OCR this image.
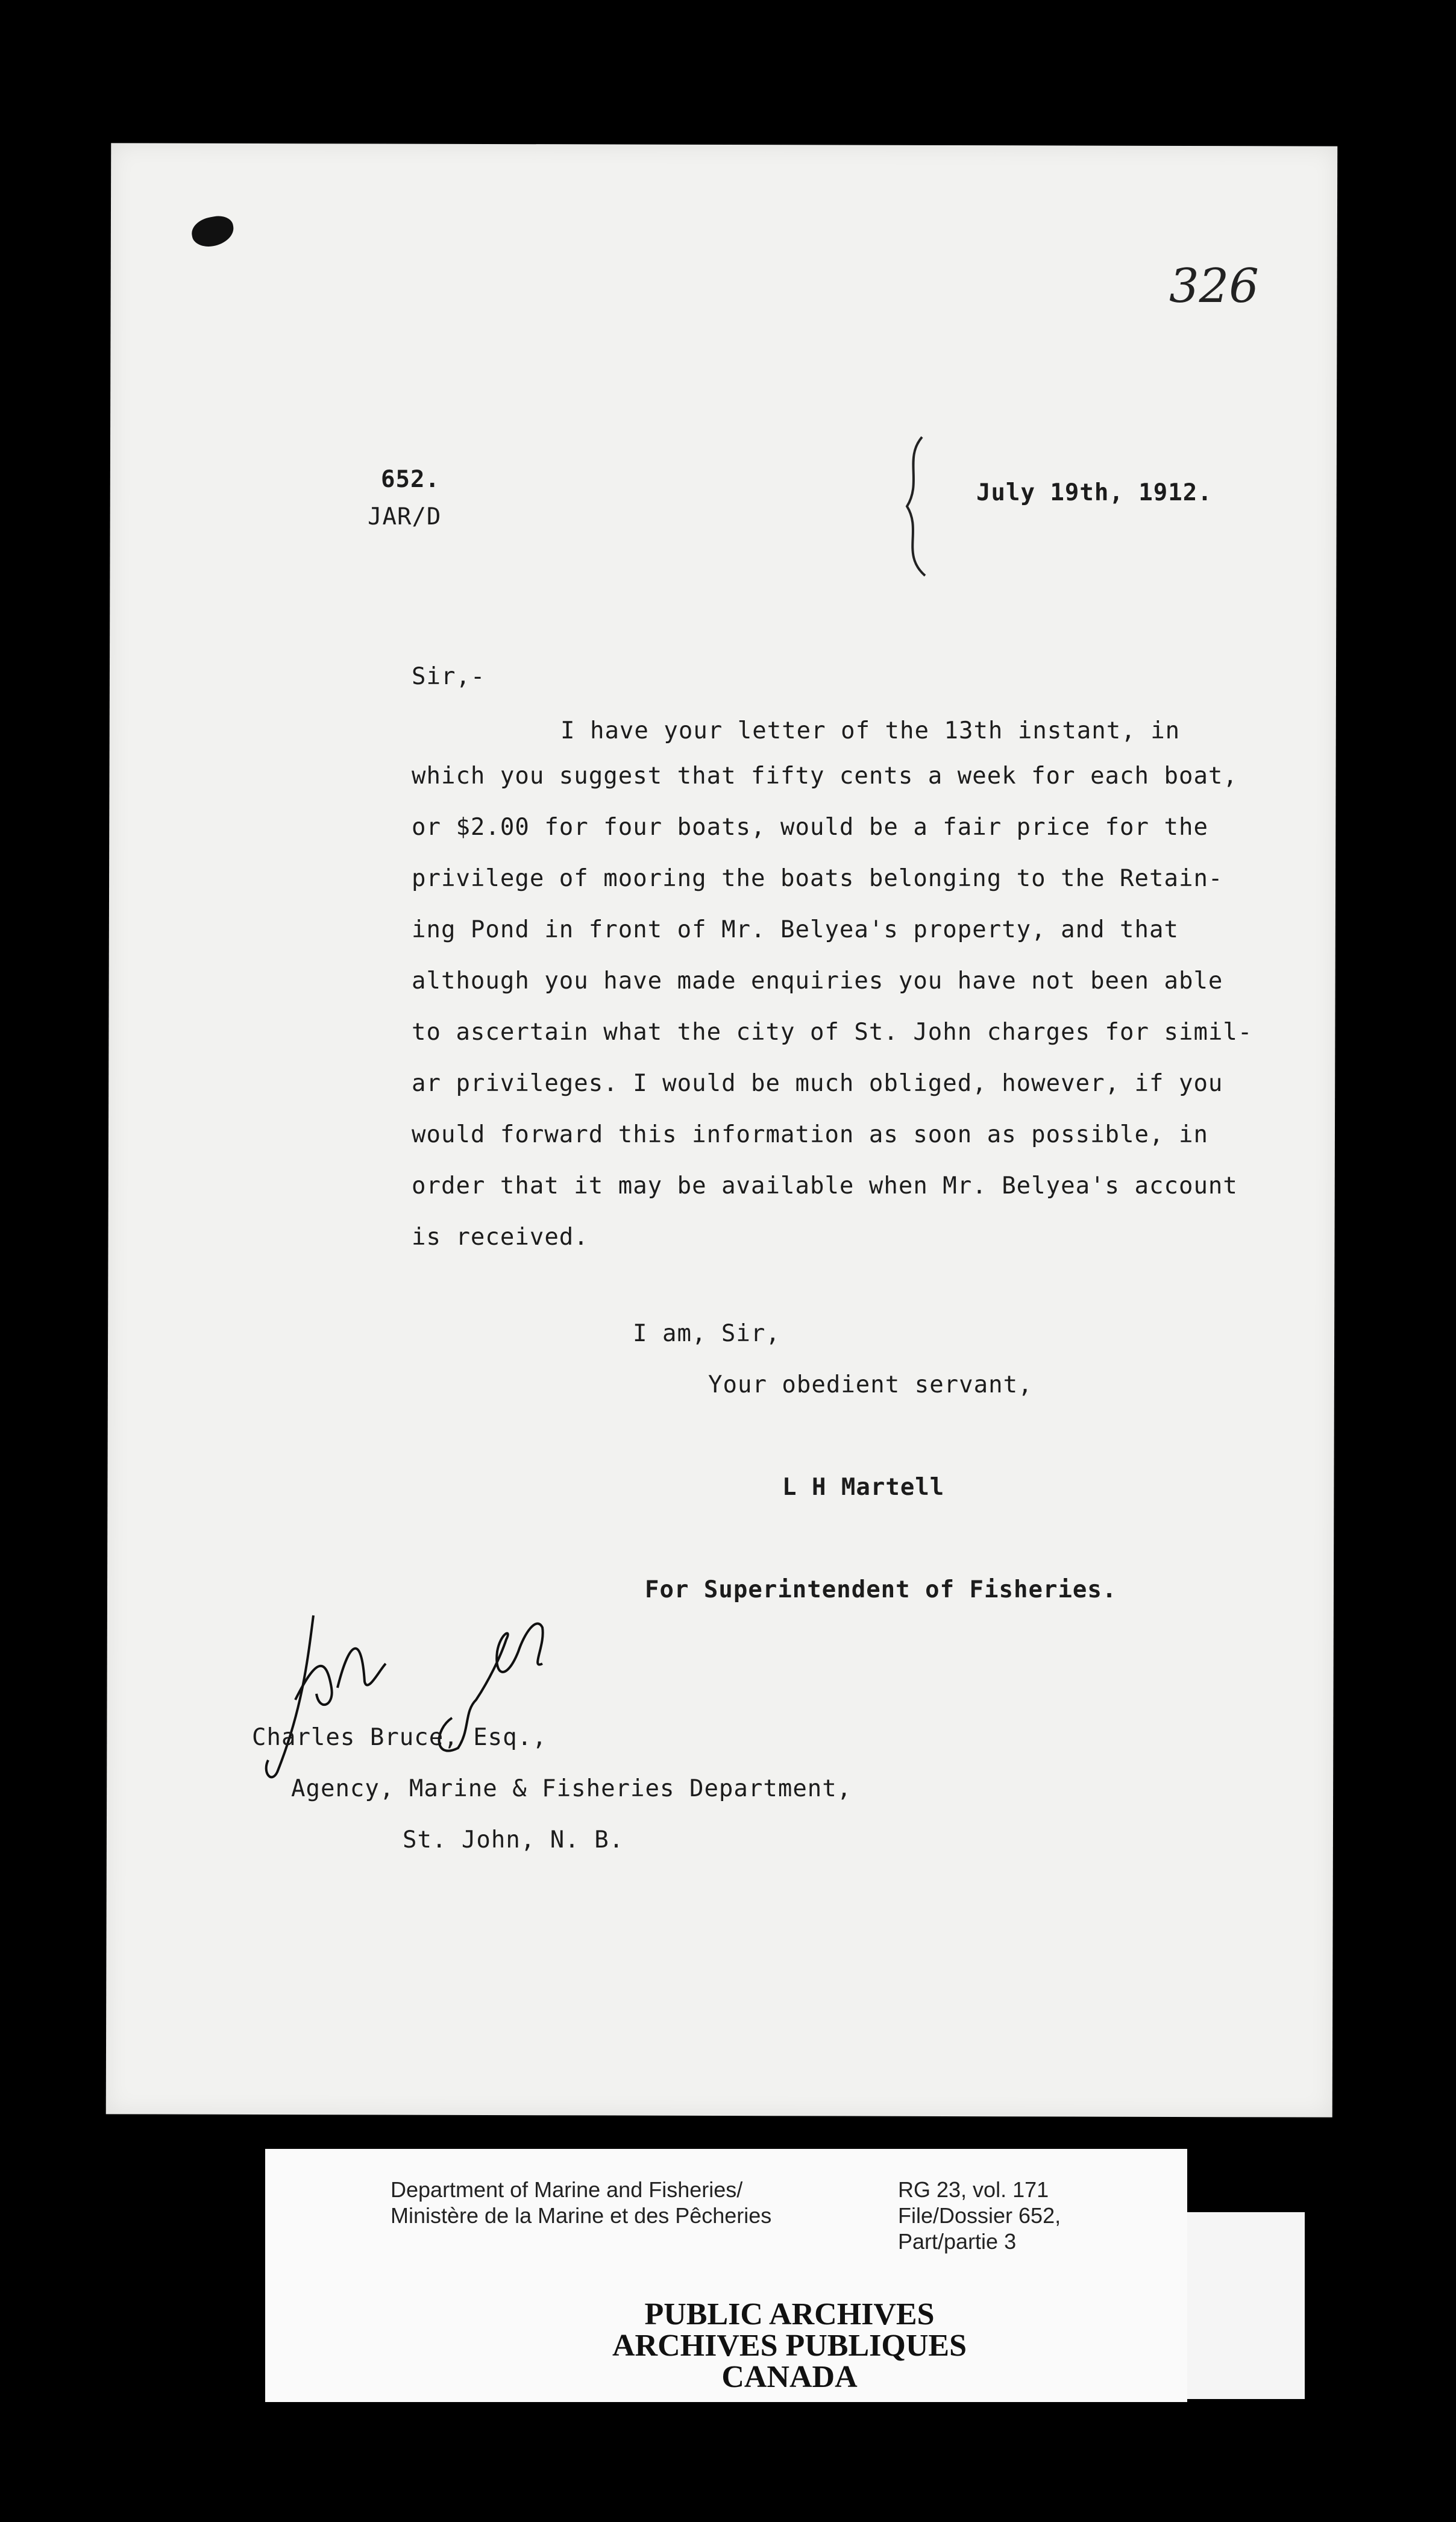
326
652.
JAR/D
July 19th, 1912.
Sir,-
I have your letter of the 13th instant, in
which you suggest that fifty cents a week for each boat,
or $2.00 for four boats, would be a fair price for the
privilege of mooring the boats belonging to the Retain-
ing Pond in front of Mr. Belyea's property, and that
although you have made enquiries you have not been able
to ascertain what the city of St. John charges for simil-
ar privileges. I would be much obliged, however, if you
would forward this information as soon as possible, in
order that it may be available when Mr. Belyea's account
is received.
I am, Sir,
Your obedient servant,
L H Martell
For Superintendent of Fisheries.
Charles Bruce, Esq.,
Agency, Marine & Fisheries Department,
St. John, N. B.
Department of Marine and Fisheries/
Ministère de la Marine et des Pêcheries
RG 23, vol. 171
File/Dossier 652,
Part/partie 3
PUBLIC ARCHIVES
ARCHIVES PUBLIQUES
CANADA
